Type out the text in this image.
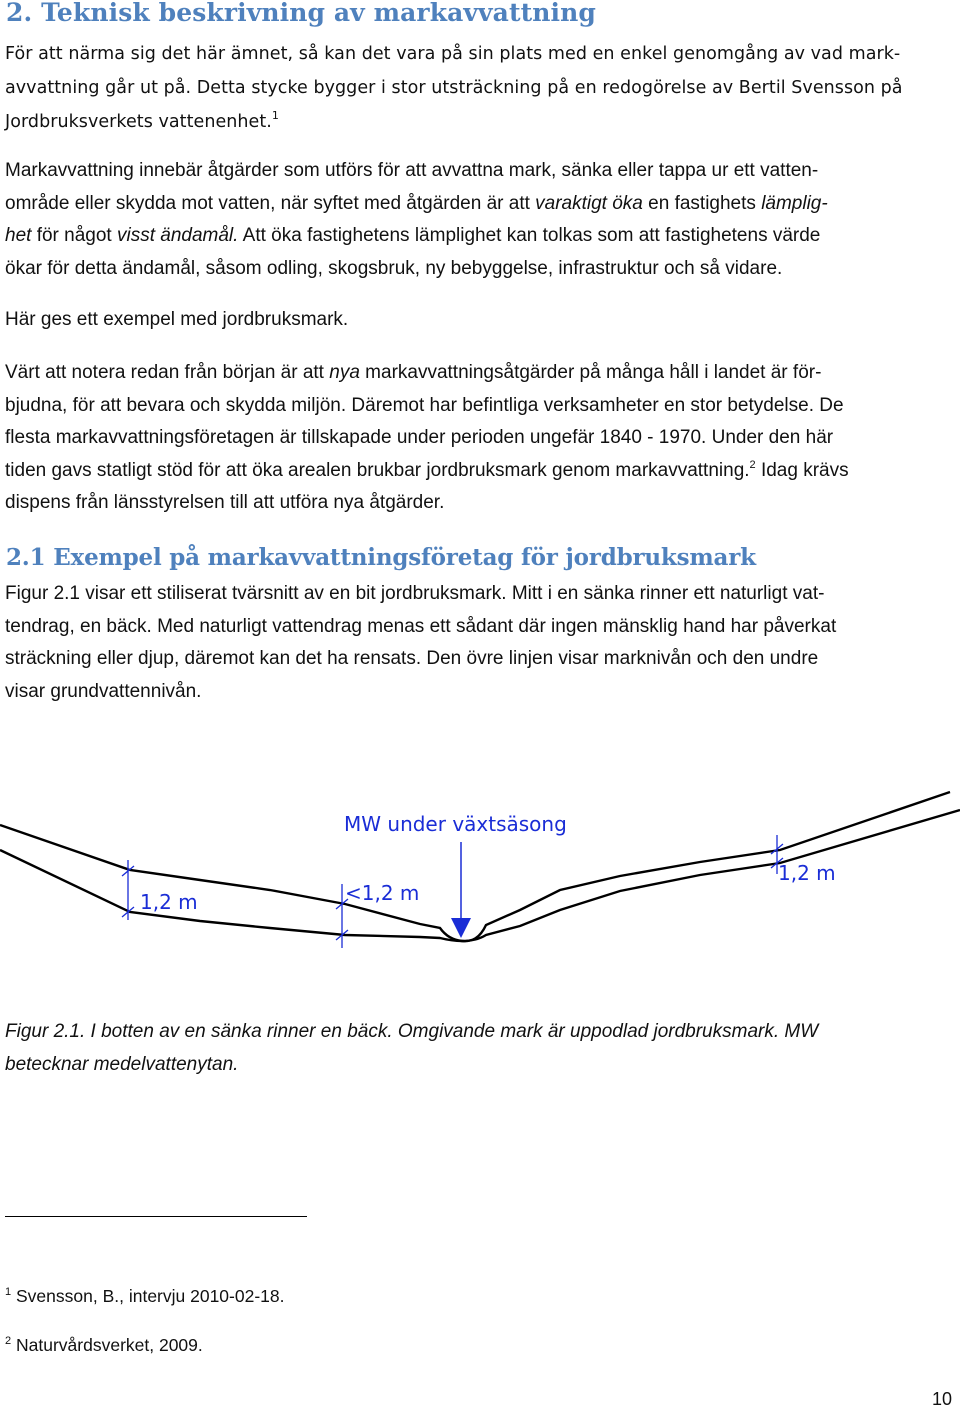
2. Teknisk beskrivning av markavvattning
För att närma sig det här ämnet, så kan det vara på sin plats med en enkel genomgång av vad mark-
avvattning går ut på. Detta stycke bygger i stor utsträckning på en redogörelse av Bertil Svensson på
Jordbruksverkets vattenenhet.$^1$
Markavvattning innebär åtgärder som utförs för att avvattna mark, sänka eller tappa ur ett vatten-
område eller skydda mot vatten, när syftet med åtgärden är att varaktigt öka en fastighets lämplig-
het för något visst ändamål. Att öka fastighetens lämplighet kan tolkas som att fastighetens värde
ökar för detta ändamål, såsom odling, skogsbruk, ny bebyggelse, infrastruktur och så vidare.
Här ges ett exempel med jordbruksmark.
Värt att notera redan från början är att nya markavvattningsåtgärder på många håll i landet är för-
bjudna, för att bevara och skydda miljön. Däremot har befintliga verksamheter en stor betydelse. De
flesta markavvattningsföretagen är tillskapade under perioden ungefär 1840 - 1970. Under den här
tiden gavs statligt stöd för att öka arealen brukbar jordbruksmark genom markavvattning.$^2$ Idag krävs
dispens från länsstyrelsen till att utföra nya åtgärder.
2.1 Exempel på markavvattningsföretag för jordbruksmark
Figur 2.1 visar ett stiliserat tvärsnitt av en bit jordbruksmark. Mitt i en sänka rinner ett naturligt vat-
tendrag, en bäck. Med naturligt vattendrag menas ett sådant där ingen mänsklig hand har påverkat
sträckning eller djup, däremot kan det ha rensats. Den övre linjen visar marknivån och den undre
visar grundvattennivån.
1,2 m	<1,2 m
1,2 m
MW under växtsäsong
Figur 2.1. I botten av en sänka rinner en bäck. Omgivande mark är uppodlad jordbruksmark. MW
betecknar medelvattenytan.
$^1$ Svensson, B., intervju 2010-02-18.
$^2$ Naturvårdsverket, 2009.
10
